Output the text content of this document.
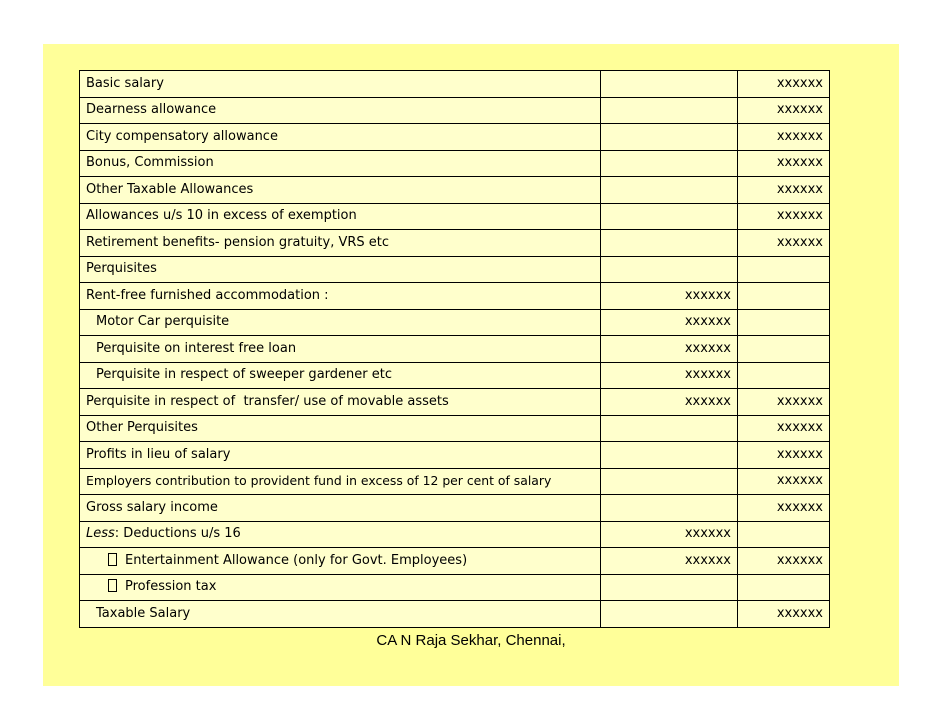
Basic salary		xxxxxx
Dearness allowance		xxxxxx
City compensatory allowance		xxxxxx
Bonus, Commission		xxxxxx
Other Taxable Allowances		xxxxxx
Allowances u/s 10 in excess of exemption		xxxxxx
Retirement benefits- pension gratuity, VRS etc		xxxxxx
Perquisites		
Rent-free furnished accommodation :	xxxxxx	
Motor Car perquisite	xxxxxx	
Perquisite on interest free loan	xxxxxx	
Perquisite in respect of sweeper gardener etc	xxxxxx	
Perquisite in respect of  transfer/ use of movable assets	xxxxxx	xxxxxx
Other Perquisites		xxxxxx
Profits in lieu of salary		xxxxxx
Employers contribution to provident fund in excess of 12 per cent of salary		xxxxxx
Gross salary income		xxxxxx
Less: Deductions u/s 16	xxxxxx	
Entertainment Allowance (only for Govt. Employees)	xxxxxx	xxxxxx
Profession tax		
Taxable Salary		xxxxxx
CA N Raja Sekhar, Chennai,
